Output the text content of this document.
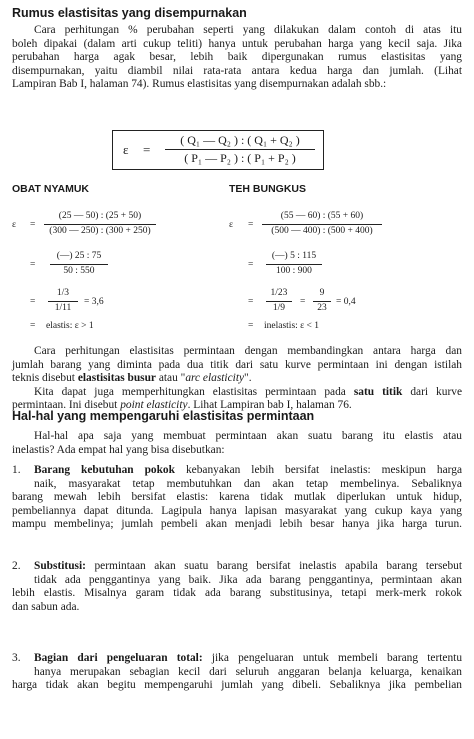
Rumus elastisitas yang disempurnakan
Cara perhitungan % perubahan seperti yang dilakukan dalam contoh di atas itu
boleh dipakai (dalam arti cukup teliti) hanya untuk perubahan harga yang kecil saja. Jika
perubahan harga agak besar, lebih baik dipergunakan rumus elastisitas yang
disempurnakan, yaitu diambil nilai rata-rata antara kedua harga dan jumlah. (Lihat
Lampiran Bab I, halaman 74). Rumus elastisitas yang disempurnakan adalah sbb.:
ε =
( Q₁ — Q₂ ) : ( Q₁ + Q₂ )
( P₁ — P₂ ) : ( P₁ + P₂ )
OBAT NYAMUK
ε =
(25 — 50) : (25 + 50)
(300 — 250) : (300 + 250)
=
(—) 25 : 75
50 : 550
=
1/3
1/11
= 3,6
= elastis: ε > 1
TEH BUNGKUS
ε =
(55 — 60) : (55 + 60)
(500 — 400) : (500 + 400)
=
(—) 5 : 115
100 : 900
=
1/23
1/9
=
9
23
= 0,4
= inelastis: ε < 1
Cara perhitungan elastisitas permintaan dengan membandingkan antara harga dan
jumlah barang yang diminta pada dua titik dari satu kurve permintaan ini dengan istilah
teknis disebut elastisitas busur atau "arc elasticity".
Kita dapat juga memperhitungkan elastisitas permintaan pada satu titik dari kurve
permintaan. Ini disebut point elasticity. Lihat Lampiran bab I, halaman 76.
Hal-hal yang mempengaruhi elastisitas permintaan
Hal-hal apa saja yang membuat permintaan akan suatu barang itu elastis atau
inelastis? Ada empat hal yang bisa disebutkan:
1.	Barang kebutuhan pokok kebanyakan lebih bersifat inelastis: meskipun harga
naik, masyarakat tetap membutuhkan dan akan tetap membelinya. Sebaliknya
barang mewah lebih bersifat elastis: karena tidak mutlak diperlukan untuk hidup,
pembeliannya dapat ditunda. Lagipula hanya lapisan masyarakat yang cukup kaya yang
mampu membelinya; jumlah pembeli akan menjadi lebih besar hanya jika harga turun.
2.	Substitusi: permintaan akan suatu barang bersifat inelastis apabila barang tersebut
tidak ada penggantinya yang baik. Jika ada barang penggantinya, permintaan akan
lebih elastis. Misalnya garam tidak ada barang substitusinya, tetapi merk-merk rokok
dan sabun ada.
3.	Bagian dari pengeluaran total: jika pengeluaran untuk membeli barang tertentu
hanya merupakan sebagian kecil dari seluruh anggaran belanja keluarga, kenaikan
harga tidak akan begitu mempengaruhi jumlah yang dibeli. Sebaliknya jika pembelian
